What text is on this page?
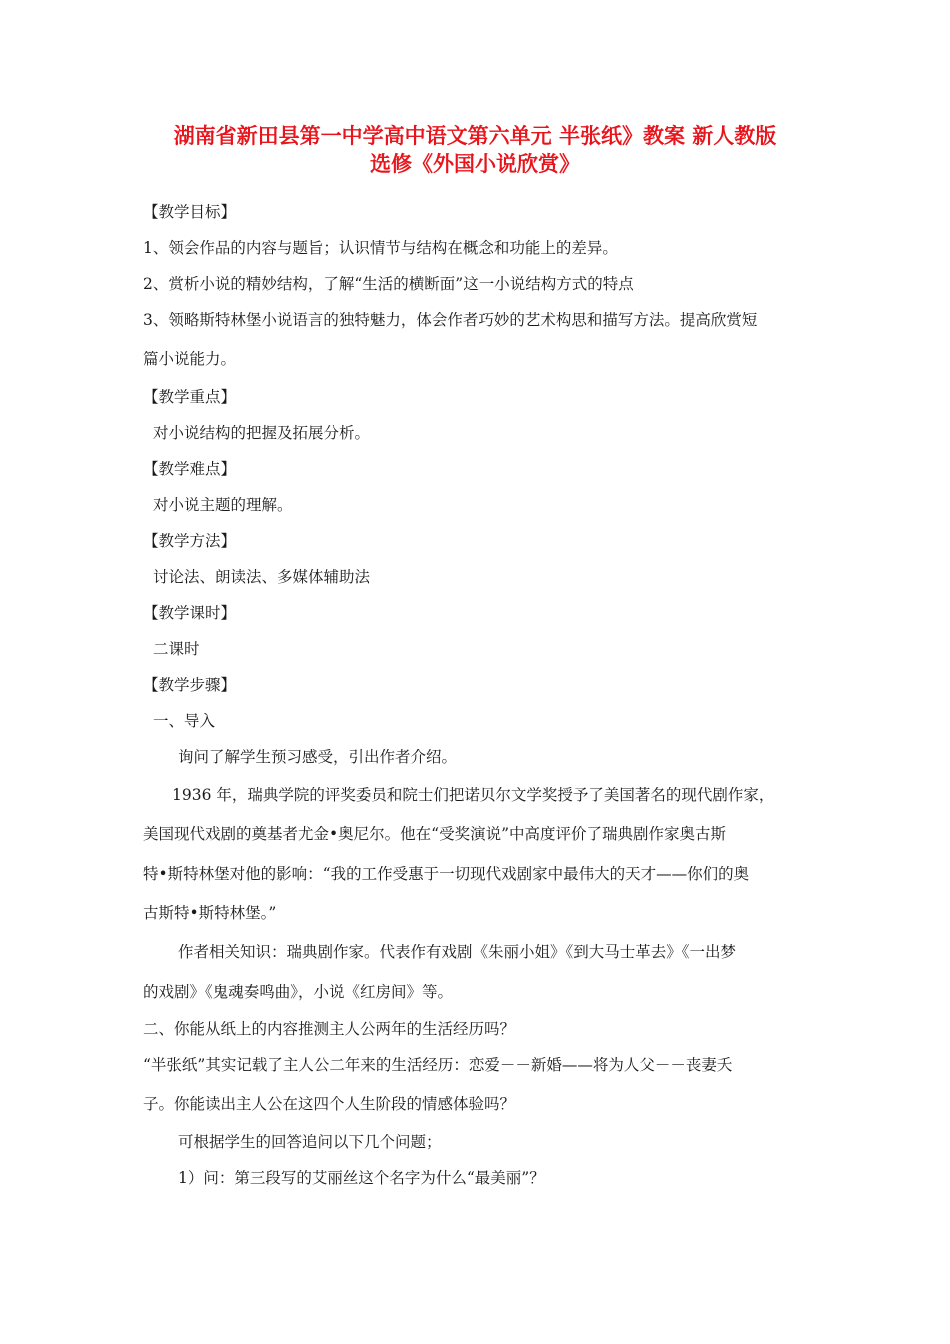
湖南省新田县第一中学高中语文第六单元 半张纸》教案 新人教版
选修《外国小说欣赏》
【教学目标】
1、领会作品的内容与题旨；认识情节与结构在概念和功能上的差异。
2、赏析小说的精妙结构，了解“生活的横断面”这一小说结构方式的特点
3、领略斯特林堡小说语言的独特魅力，体会作者巧妙的艺术构思和描写方法。提高欣赏短
篇小说能力。
【教学重点】
对小说结构的把握及拓展分析。
【教学难点】
对小说主题的理解。
【教学方法】
讨论法、朗读法、多媒体辅助法
【教学课时】
二课时
【教学步骤】
一、导入
询问了解学生预习感受，引出作者介绍。
1936 年，瑞典学院的评奖委员和院士们把诺贝尔文学奖授予了美国著名的现代剧作家，
美国现代戏剧的奠基者尤金•奥尼尔。他在“受奖演说”中高度评价了瑞典剧作家奥古斯
特•斯特林堡对他的影响：“我的工作受惠于一切现代戏剧家中最伟大的天才——你们的奥
古斯特•斯特林堡。”
作者相关知识：瑞典剧作家。代表作有戏剧《朱丽小姐》《到大马士革去》《一出梦
的戏剧》《鬼魂奏鸣曲》，小说《红房间》等。
二、你能从纸上的内容推测主人公两年的生活经历吗？
“半张纸”其实记载了主人公二年来的生活经历：恋爱－－新婚——将为人父－－丧妻夭
子。你能读出主人公在这四个人生阶段的情感体验吗？
可根据学生的回答追问以下几个问题；
1）问：第三段写的艾丽丝这个名字为什么“最美丽”？
